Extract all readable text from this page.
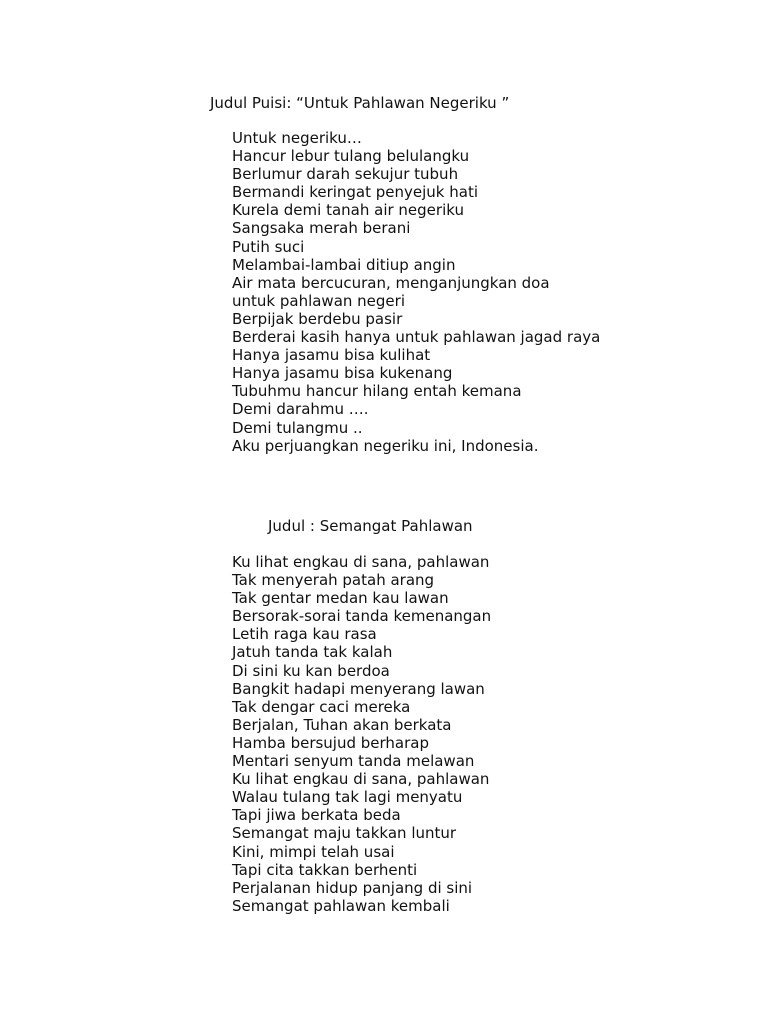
Judul Puisi: “Untuk Pahlawan Negeriku ”
Untuk negeriku…
Hancur lebur tulang belulangku
Berlumur darah sekujur tubuh
Bermandi keringat penyejuk hati
Kurela demi tanah air negeriku
Sangsaka merah berani
Putih suci
Melambai-lambai ditiup angin
Air mata bercucuran, menganjungkan doa
untuk pahlawan negeri
Berpijak berdebu pasir
Berderai kasih hanya untuk pahlawan jagad raya
Hanya jasamu bisa kulihat
Hanya jasamu bisa kukenang
Tubuhmu hancur hilang entah kemana
Demi darahmu ….
Demi tulangmu ..
Aku perjuangkan negeriku ini, Indonesia.
Judul : Semangat Pahlawan
Ku lihat engkau di sana, pahlawan
Tak menyerah patah arang
Tak gentar medan kau lawan
Bersorak-sorai tanda kemenangan
Letih raga kau rasa
Jatuh tanda tak kalah
Di sini ku kan berdoa
Bangkit hadapi menyerang lawan
Tak dengar caci mereka
Berjalan, Tuhan akan berkata
Hamba bersujud berharap
Mentari senyum tanda melawan
Ku lihat engkau di sana, pahlawan
Walau tulang tak lagi menyatu
Tapi jiwa berkata beda
Semangat maju takkan luntur
Kini, mimpi telah usai
Tapi cita takkan berhenti
Perjalanan hidup panjang di sini
Semangat pahlawan kembali
